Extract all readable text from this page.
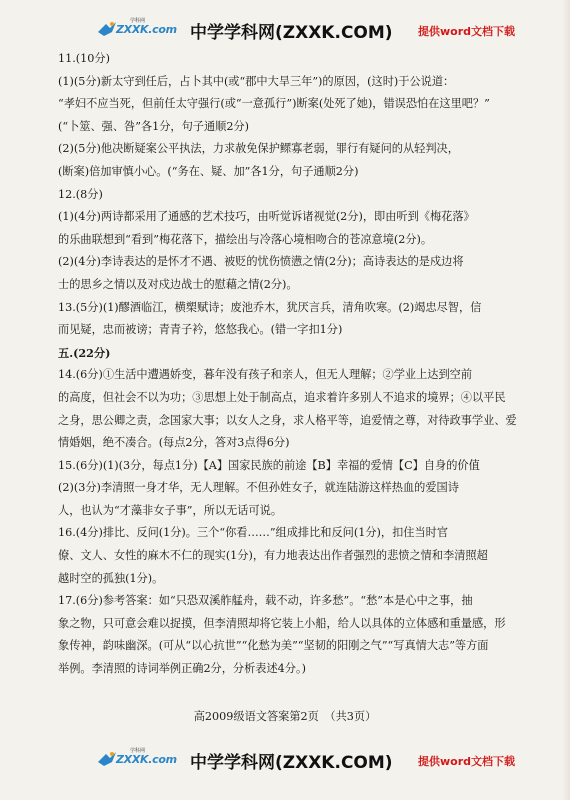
ZXXK.com
学科网
中学学科网(ZXXK.COM) 提供word文档下载

11.(10分)

(1)(5分)新太守到任后，占卜其中(或“郡中大旱三年”)的原因，(这时)于公说道：

“孝妇不应当死，但前任太守强行(或“一意孤行”)断案(处死了她)，错误恐怕在这里吧？”

(“卜筮、强、咎”各1分，句子通顺2分)

(2)(5分)他决断疑案公平执法，力求赦免保护鳏寡老弱，罪行有疑问的从轻判决，

(断案)倍加审慎小心。(“务在、疑、加”各1分，句子通顺2分)

12.(8分)

(1)(4分)两诗都采用了通感的艺术技巧，由听觉诉诸视觉(2分)，即由听到《梅花落》

的乐曲联想到“看到”梅花落下，描绘出与冷落心境相吻合的苍凉意境(2分)。

(2)(4分)李诗表达的是怀才不遇、被贬的忧伤愤懑之情(2分)；高诗表达的是戍边将

士的思乡之情以及对戍边战士的慰藉之情(2分)。

13.(5分)(1)醪酒临江，横槊赋诗；废池乔木，犹厌言兵，清角吹寒。(2)竭忠尽智，信

而见疑，忠而被谤；青青子衿，悠悠我心。(错一字扣1分)

五.(22分)

14.(6分)①生活中遭遇娇变，暮年没有孩子和亲人，但无人理解；②学业上达到空前

的高度，但社会不以为功；③思想上处于制高点，追求着许多别人不追求的境界；④以平民

之身，思公卿之责，念国家大事；以女人之身，求人格平等，追爱情之尊，对待政事学业、爱

情婚姻，绝不凑合。(每点2分，答对3点得6分)

15.(6分)(1)(3分，每点1分)【A】国家民族的前途【B】幸福的爱情【C】自身的价值

(2)(3分)李清照一身才华，无人理解。不但孙姓女子，就连陆游这样热血的爱国诗

人，也认为“才藻非女子事”，所以无话可说。

16.(4分)排比、反问(1分)。三个“你看……”组成排比和反问(1分)，扣住当时官

僚、文人、女性的麻木不仁的现实(1分)，有力地表达出作者强烈的悲愤之情和李清照超

越时空的孤独(1分)。

17.(6分)参考答案：如“只恐双溪舴艋舟，载不动，许多愁”。“愁”本是心中之事，抽

象之物，只可意会难以捉摸，但李清照却将它装上小船，给人以具体的立体感和重量感，形

象传神，韵味幽深。(可从“以心抗世”“化愁为美”“坚韧的阳刚之气”“写真情大志”等方面

举例。李清照的诗词举例正确2分，分析表述4分。)

高2009级语文答案第2页　（共3页）
ZXXK.com
学科网
中学学科网(ZXXK.COM) 提供word文档下载
